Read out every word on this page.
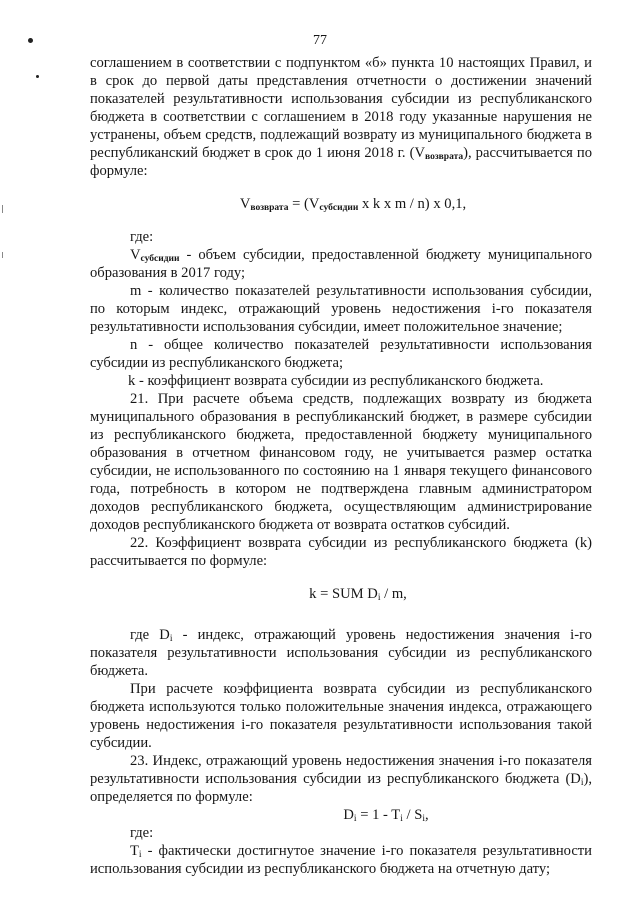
77

соглашением в соответствии с подпунктом «б» пункта 10 настоящих Правил, и в срок до первой даты представления отчетности о достижении значений показателей результативности использования субсидии из республиканского бюджета в соответствии с соглашением в 2018 году указанные нарушения не устранены, объем средств, подлежащий возврату из муниципального бюджета в республиканский бюджет в срок до 1 июня 2018 г. $(V_{возврата})$, рассчитывается по формуле:

$V_{возврата} = (V_{субсидии}$ x k x m / n) x 0,1,

где:

$V_{субсидии}$ - объем субсидии, предоставленной бюджету муниципального образования в 2017 году;

m - количество показателей результативности использования субсидии, по которым индекс, отражающий уровень недостижения i-го показателя результативности использования субсидии, имеет положительное значение;

n - общее количество показателей результативности использования субсидии из республиканского бюджета;

k - коэффициент возврата субсидии из республиканского бюджета.

21. При расчете объема средств, подлежащих возврату из бюджета муниципального образования в республиканский бюджет, в размере субсидии из республиканского бюджета, предоставленной бюджету муниципального образования в отчетном финансовом году, не учитывается размер остатка субсидии, не использованного по состоянию на 1 января текущего финансового года, потребность в котором не подтверждена главным администратором доходов республиканского бюджета, осуществляющим администрирование доходов республиканского бюджета от возврата остатков субсидий.

22. Коэффициент возврата субсидии из республиканского бюджета (k) рассчитывается по формуле:

k = SUM $D_i$ / m,

где $D_i$ - индекс, отражающий уровень недостижения значения i-го показателя результативности использования субсидии из республиканского бюджета.

При расчете коэффициента возврата субсидии из республиканского бюджета используются только положительные значения индекса, отражающего уровень недостижения i-го показателя результативности использования такой субсидии.

23. Индекс, отражающий уровень недостижения значения i-го показателя результативности использования субсидии из республиканского бюджета $(D_i)$, определяется по формуле:

$D_i = 1 - T_i / S_i$,

где:

$T_i$ - фактически достигнутое значение i-го показателя результативности использования субсидии из республиканского бюджета на отчетную дату;
